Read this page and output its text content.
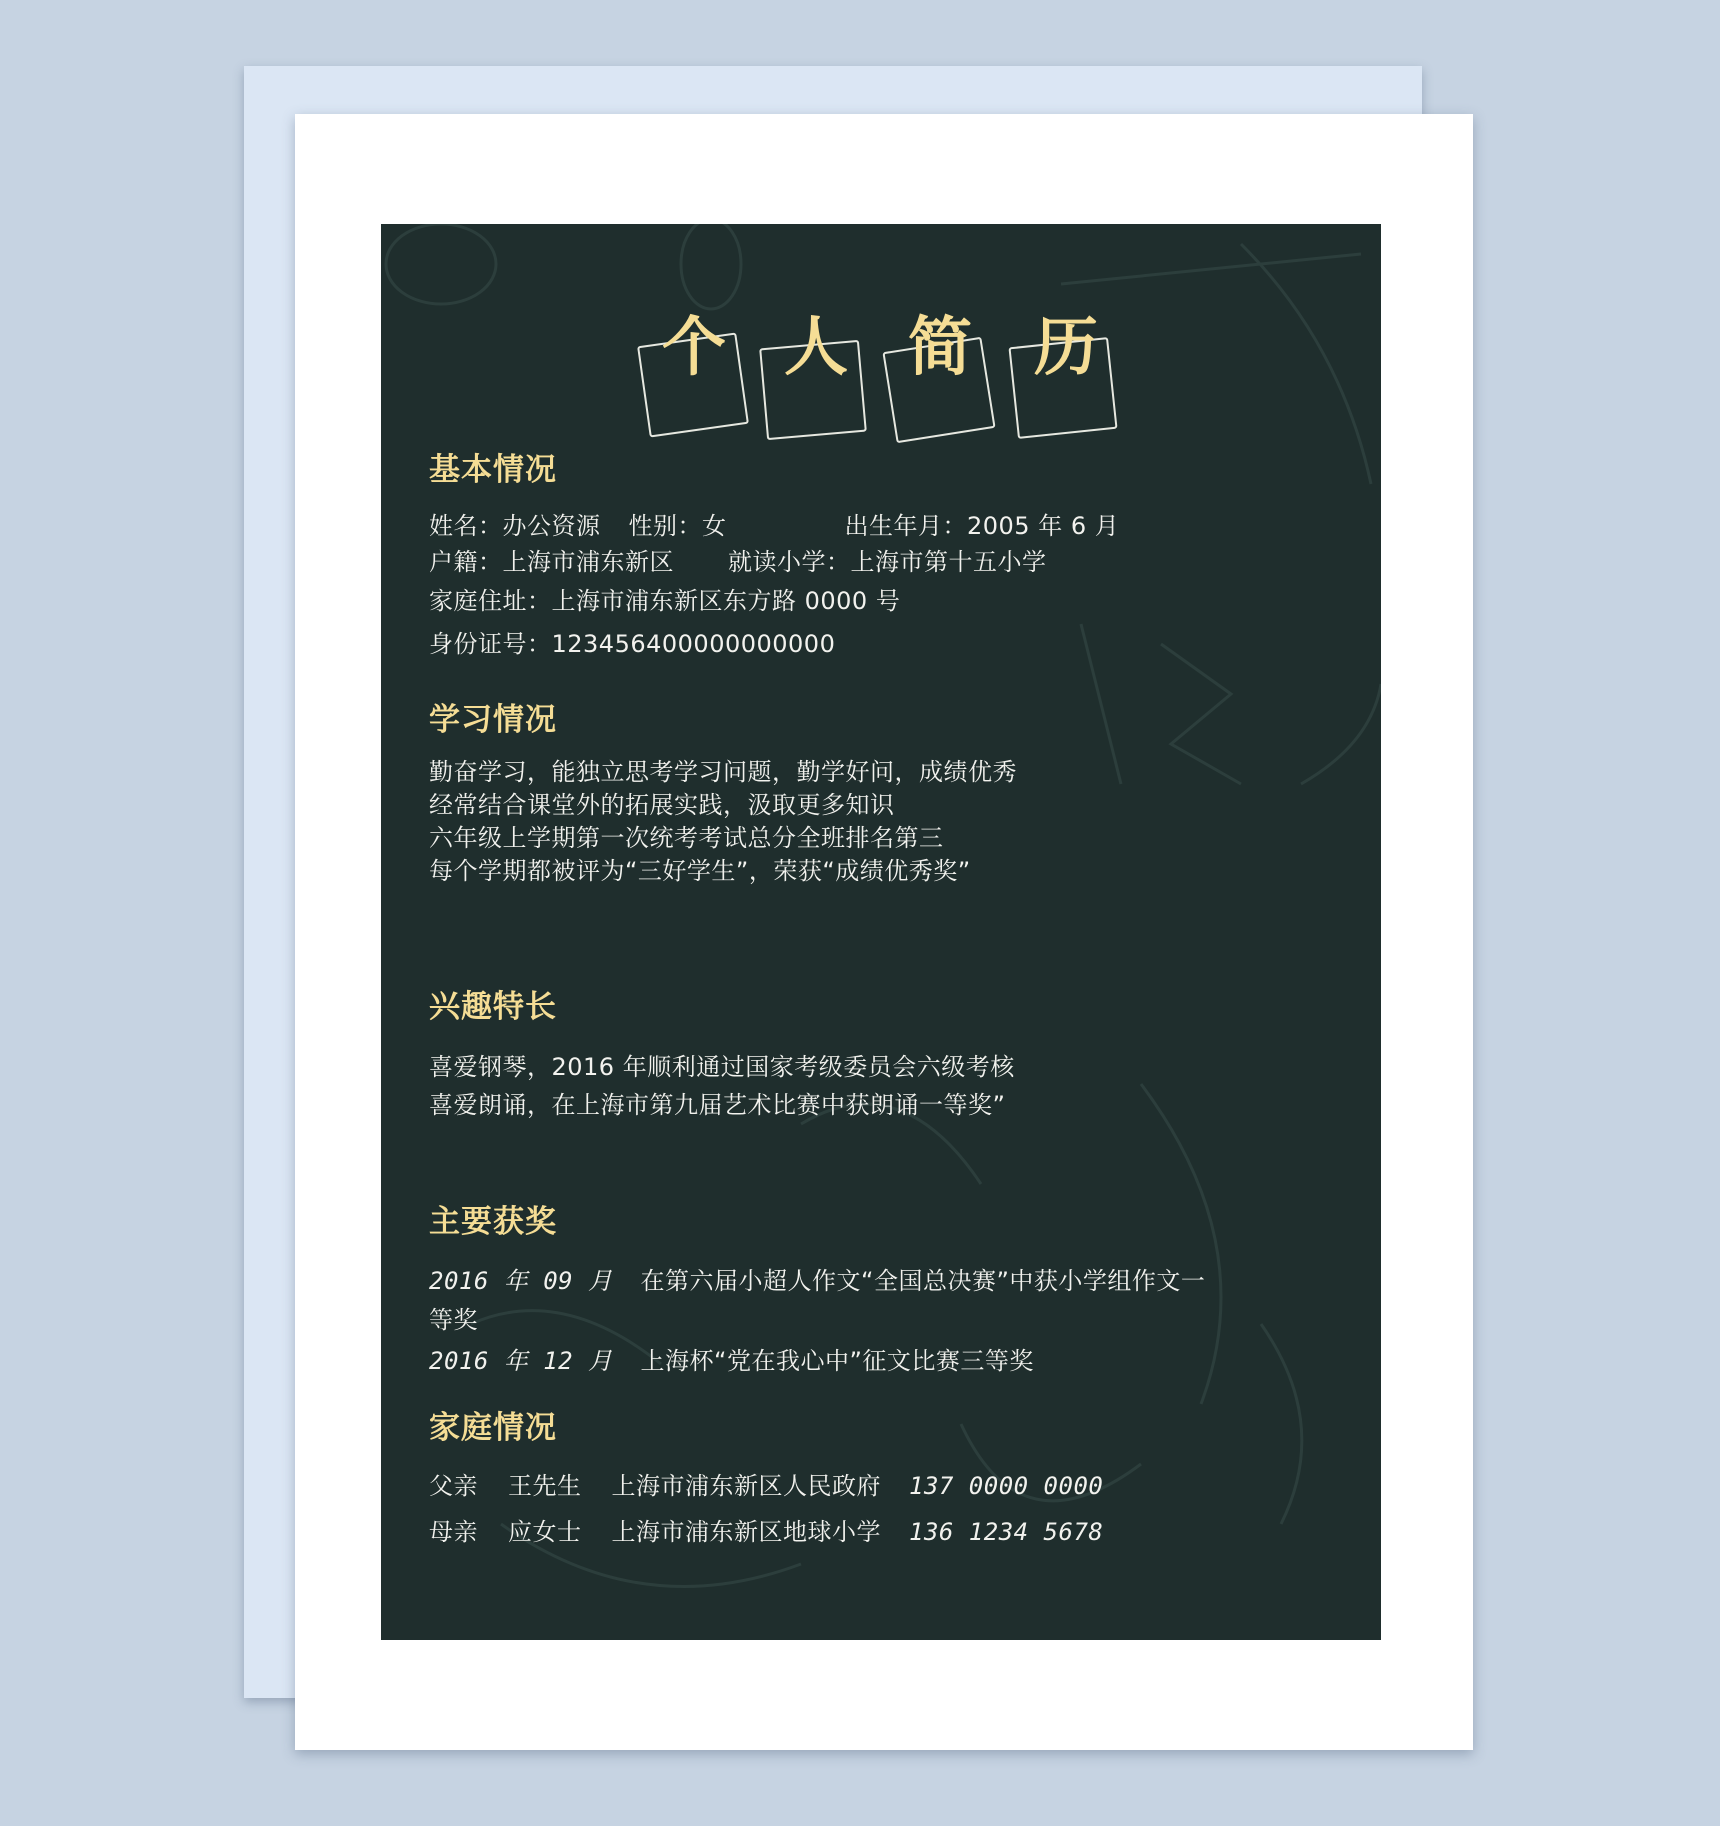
个 人 简 历
基本情况
姓名：办公资源 性别：女	出生年月：2005 年 6 月
户籍：上海市浦东新区 就读小学：上海市第十五小学
家庭住址：上海市浦东新区东方路 0000 号
身份证号：123456400000000000
学习情况
勤奋学习，能独立思考学习问题，勤学好问，成绩优秀
经常结合课堂外的拓展实践，汲取更多知识
六年级上学期第一次统考考试总分全班排名第三
每个学期都被评为“三好学生”，荣获“成绩优秀奖”
兴趣特长
喜爱钢琴，2016 年顺利通过国家考级委员会六级考核
喜爱朗诵，在上海市第九届艺术比赛中获朗诵一等奖”
主要获奖
2016 年 09 月 在第六届小超人作文“全国总决赛”中获小学组作文一
等奖
2016 年 12 月 上海杯“党在我心中”征文比赛三等奖
家庭情况
父亲 王先生 上海市浦东新区人民政府 137 0000 0000
母亲 应女士 上海市浦东新区地球小学 136 1234 5678
